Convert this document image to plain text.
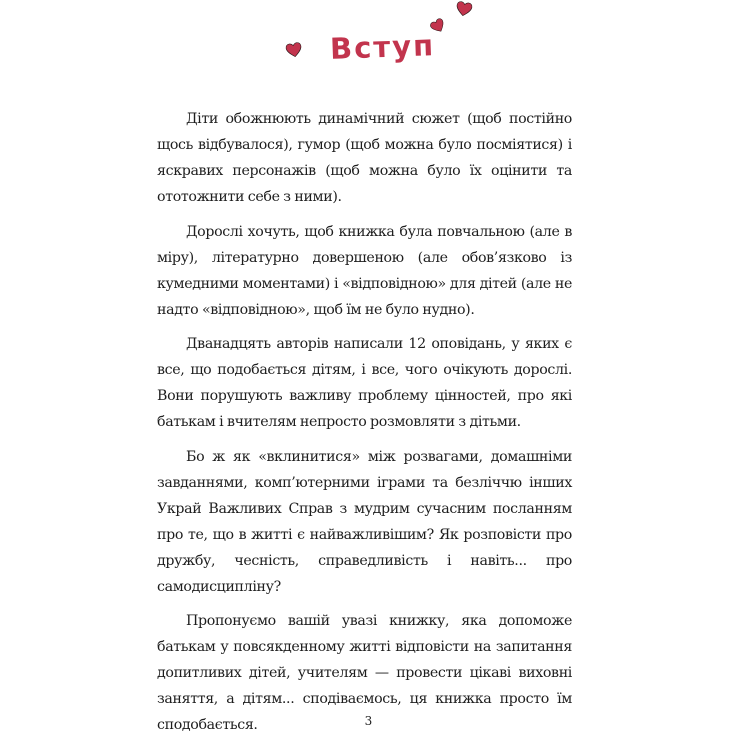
Вступ

Діти обожнюють динамічний сюжет (щоб постійно щось відбувалося), гумор (щоб можна було посміятися) і яскравих персонажів (щоб можна було їх оцінити та ототожнити себе з ними).

Дорослі хочуть, щоб книжка була повчальною (але в міру), літературно довершеною (але обов’язково із кумедними моментами) і «відповідною» для дітей (але не надто «відповідною», щоб їм не було нудно).

Дванадцять авторів написали 12 оповідань, у яких є все, що подобається дітям, і все, чого очікують дорослі. Вони порушують важливу проблему цінностей, про які батькам і вчителям непросто розмовляти з дітьми.

Бо ж як «вклинитися» між розвагами, домашніми завданнями, комп’ютерними іграми та безліччю інших Украй Важливих Справ з мудрим сучасним посланням про те, що в житті є найважливішим? Як розповісти про дружбу, чесність, справедливість і навіть... про самодисципліну?

Пропонуємо вашій увазі книжку, яка допоможе батькам у повсякденному житті відповісти на запитання допитливих дітей, учителям — провести цікаві виховні заняття, а дітям... сподіваємось, ця книжка просто їм сподобається.	3
